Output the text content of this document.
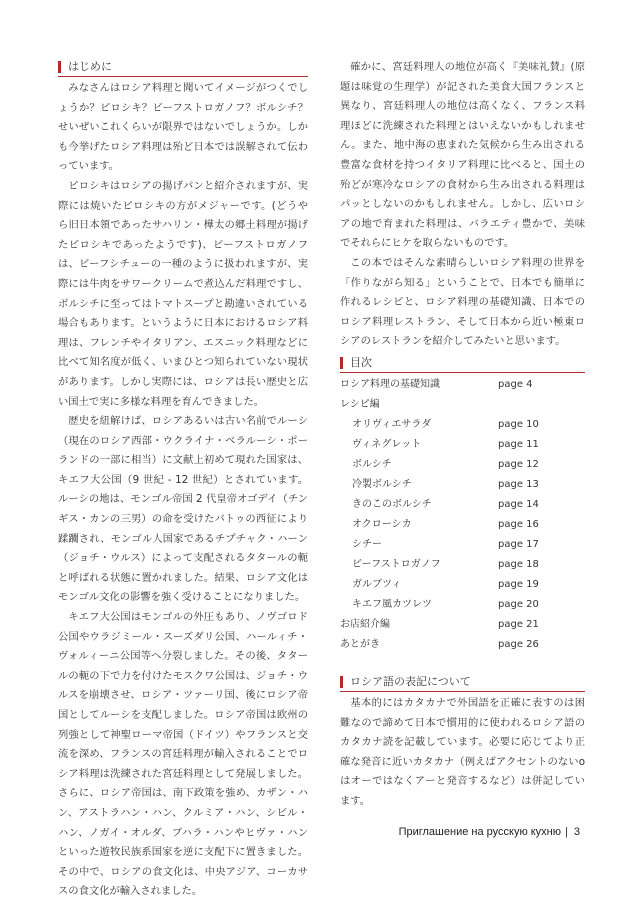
はじめに

みなさんはロシア料理と聞いてイメージがつくでしょうか？ピロシキ？ビーフストロガノフ？ボルシチ？せいぜいこれくらいが限界ではないでしょうか。しかも今挙げたロシア料理は殆ど日本では誤解されて伝わっています。

ピロシキはロシアの揚げパンと紹介されますが、実際には焼いたピロシキの方がメジャーです。(どうやら旧日本領であったサハリン・樺太の郷土料理が揚げたピロシキであったようです)、ビーフストロガノフは、ビーフシチューの一種のように扱われますが、実際には牛肉をサワークリームで煮込んだ料理ですし、ボルシチに至ってはトマトスープと勘違いされている場合もあります。というように日本におけるロシア料理は、フレンチやイタリアン、エスニック料理などに比べて知名度が低く、いまひとつ知られていない現状があります。しかし実際には、ロシアは長い歴史と広い国土で実に多様な料理を育んできました。

歴史を紐解けば、ロシアあるいは古い名前でルーシ（現在のロシア西部・ウクライナ・ベラルーシ・ポーランドの一部に相当）に文献上初めて現れた国家は、キエフ大公国（9 世紀 - 12 世紀）とされています。ルーシの地は、モンゴル帝国 2 代皇帝オゴデイ（チンギス・カンの三男）の命を受けたバトゥの西征により蹂躙され、モンゴル人国家であるチプチャク・ハーン（ジョチ・ウルス）によって支配されるタタールの軛と呼ばれる状態に置かれました。結果、ロシア文化はモンゴル文化の影響を強く受けることになりました。

キエフ大公国はモンゴルの外圧もあり、ノヴゴロド公国やウラジミール・スーズダリ公国、ハールィチ・ヴォルィーニ公国等へ分裂しました。その後、タタールの軛の下で力を付けたモスクワ公国は、ジョチ・ウルスを崩壊させ、ロシア・ツァーリ国、後にロシア帝国としてルーシを支配しました。ロシア帝国は欧州の列強として神聖ローマ帝国（ドイツ）やフランスと交流を深め、フランスの宮廷料理が輸入されることでロシア料理は洗練された宮廷料理として発展しました。さらに、ロシア帝国は、南下政策を強め、カザン・ハン、アストラハン・ハン、クルミア・ハン、シビル・ハン、ノガイ・オルダ、ブハラ・ハンやヒヴァ・ハンといった遊牧民族系国家を逆に支配下に置きました。その中で、ロシアの食文化は、中央アジア、コーカサスの食文化が輸入されました。

確かに、宮廷料理人の地位が高く『美味礼賛』(原題は味覚の生理学）が記された美食大国フランスと異なり、宮廷料理人の地位は高くなく、フランス料理ほどに洗練された料理とはいえないかもしれません。また、地中海の恵まれた気候から生み出される豊富な食材を持つイタリア料理に比べると、国土の殆どが寒冷なロシアの食材から生み出される料理はパッとしないのかもしれません。しかし、広いロシアの地で育まれた料理は、バラエティ豊かで、美味でそれらにヒケを取らないものです。

この本ではそんな素晴らしいロシア料理の世界を「作りながら知る」ということで、日本でも簡単に作れるレシピと、ロシア料理の基礎知識、日本でのロシア料理レストラン、そして日本から近い極東ロシアのレストランを紹介してみたいと思います。

目次
ロシア料理の基礎知識	page 4
レシピ編
オリヴィエサラダ	page 10
ヴィネグレット	page 11
ボルシチ	page 12
冷製ボルシチ	page 13
きのこのボルシチ	page 14
オクローシカ	page 16
シチー	page 17
ビーフストロガノフ	page 18
ガルブツィ	page 19
キエフ風カツレツ	page 20
お店紹介編	page 21
あとがき	page 26
ロシア語の表記について

基本的にはカタカナで外国語を正確に表すのは困難なので諦めて日本で慣用的に使われるロシア語のカタカナ読を記載しています。必要に応じてより正確な発音に近いカタカナ（例えばアクセントのないo はオーではなくアーと発音するなど）は併記しています。

Приглашение на русскую кухню | 3
